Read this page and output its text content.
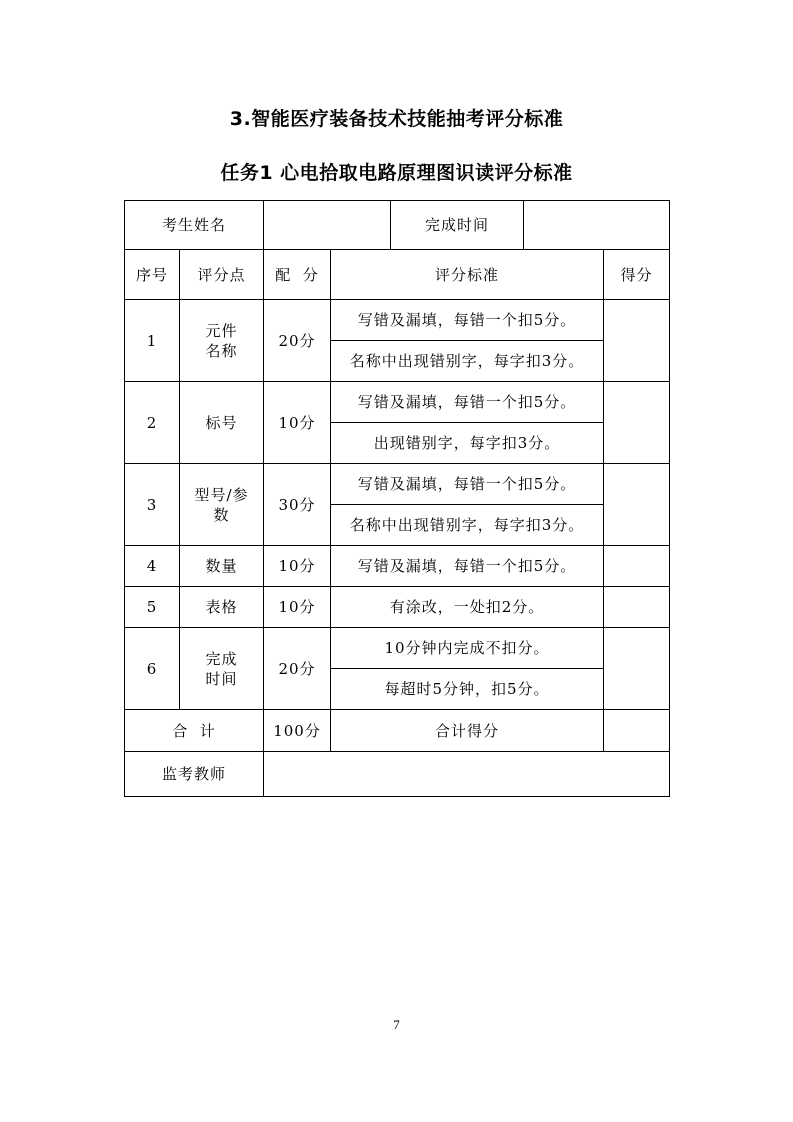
3.智能医疗装备技术技能抽考评分标准
任务1 心电拾取电路原理图识读评分标准
考生姓名				完成时间		
序号	评分点	配  分	评分标准			得分
1	元件名称	20分	写错及漏填，每错一个扣5分。			
			名称中出现错别字，每字扣3分。			
2	标号	10分	写错及漏填，每错一个扣5分。			
			出现错别字，每字扣3分。			
3	型号/参数	30分	写错及漏填，每错一个扣5分。			
			名称中出现错别字，每字扣3分。			
4	数量	10分	写错及漏填，每错一个扣5分。			
5	表格	10分	有涂改，一处扣2分。			
6	完成时间	20分	10分钟内完成不扣分。			
			每超时5分钟，扣5分。			
合  计		100分	合计得分			
监考教师						
7
